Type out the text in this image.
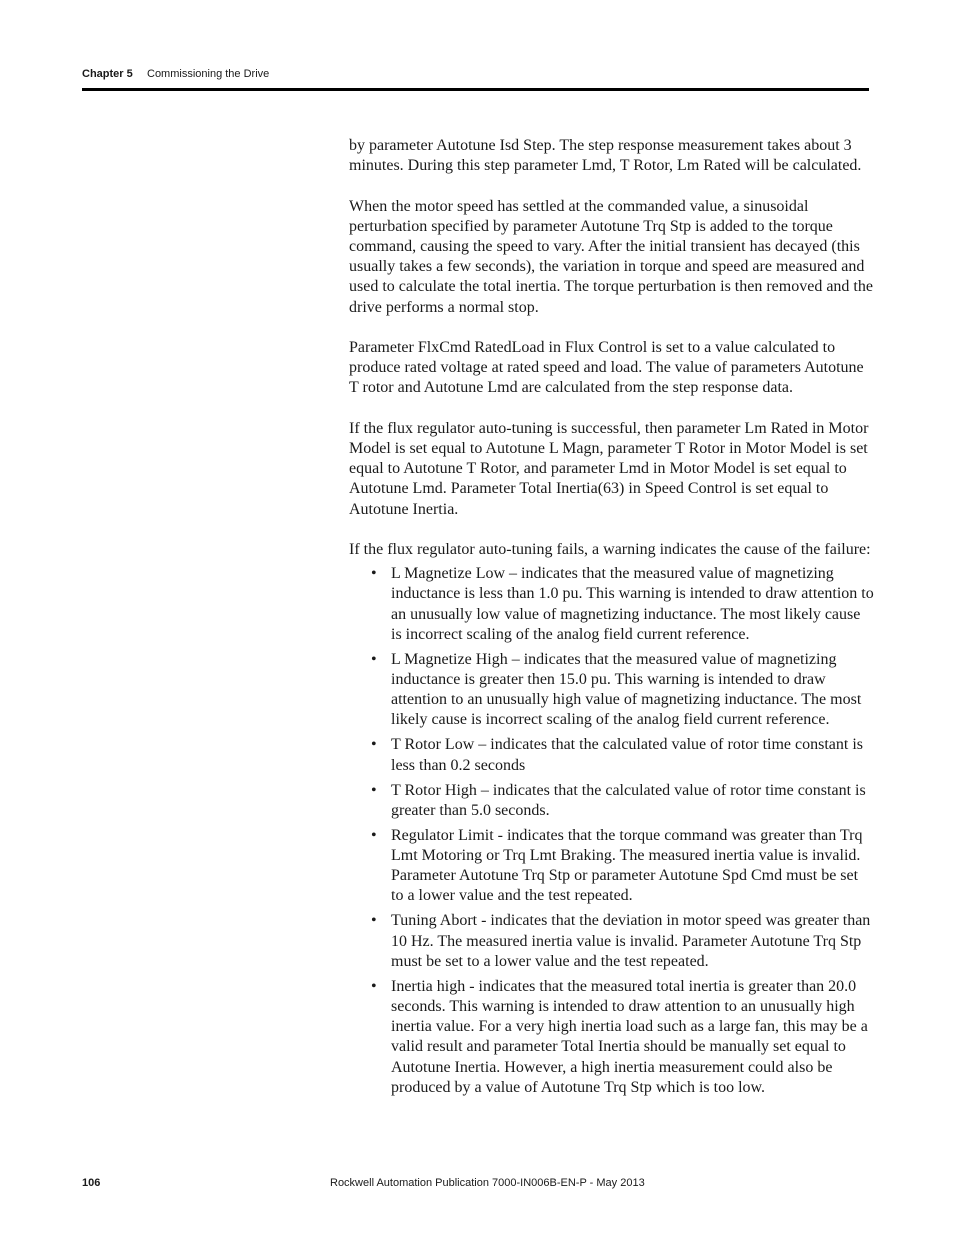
Chapter 5 Commissioning the Drive

by parameter Autotune Isd Step. The step response measurement takes about 3 minutes. During this step parameter Lmd, T Rotor, Lm Rated will be calculated.

When the motor speed has settled at the commanded value, a sinusoidal perturbation specified by parameter Autotune Trq Stp is added to the torque command, causing the speed to vary. After the initial transient has decayed (this usually takes a few seconds), the variation in torque and speed are measured and used to calculate the total inertia. The torque perturbation is then removed and the drive performs a normal stop.

Parameter FlxCmd RatedLoad in Flux Control is set to a value calculated to produce rated voltage at rated speed and load. The value of parameters Autotune T rotor and Autotune Lmd are calculated from the step response data.

If the flux regulator auto-tuning is successful, then parameter Lm Rated in Motor Model is set equal to Autotune L Magn, parameter T Rotor in Motor Model is set equal to Autotune T Rotor, and parameter Lmd in Motor Model is set equal to Autotune Lmd. Parameter Total Inertia(63) in Speed Control is set equal to Autotune Inertia.

If the flux regulator auto-tuning fails, a warning indicates the cause of the failure:

• L Magnetize Low – indicates that the measured value of magnetizing inductance is less than 1.0 pu. This warning is intended to draw attention to an unusually low value of magnetizing inductance. The most likely cause is incorrect scaling of the analog field current reference.
• L Magnetize High – indicates that the measured value of magnetizing inductance is greater then 15.0 pu. This warning is intended to draw attention to an unusually high value of magnetizing inductance. The most likely cause is incorrect scaling of the analog field current reference.
• T Rotor Low – indicates that the calculated value of rotor time constant is less than 0.2 seconds
• T Rotor High – indicates that the calculated value of rotor time constant is greater than 5.0 seconds.
• Regulator Limit - indicates that the torque command was greater than Trq Lmt Motoring or Trq Lmt Braking. The measured inertia value is invalid. Parameter Autotune Trq Stp or parameter Autotune Spd Cmd must be set to a lower value and the test repeated.
• Tuning Abort - indicates that the deviation in motor speed was greater than 10 Hz. The measured inertia value is invalid. Parameter Autotune Trq Stp must be set to a lower value and the test repeated.
• Inertia high - indicates that the measured total inertia is greater than 20.0 seconds. This warning is intended to draw attention to an unusually high inertia value. For a very high inertia load such as a large fan, this may be a valid result and parameter Total Inertia should be manually set equal to Autotune Inertia. However, a high inertia measurement could also be produced by a value of Autotune Trq Stp which is too low.
106	Rockwell Automation Publication 7000-IN006B-EN-P - May 2013
